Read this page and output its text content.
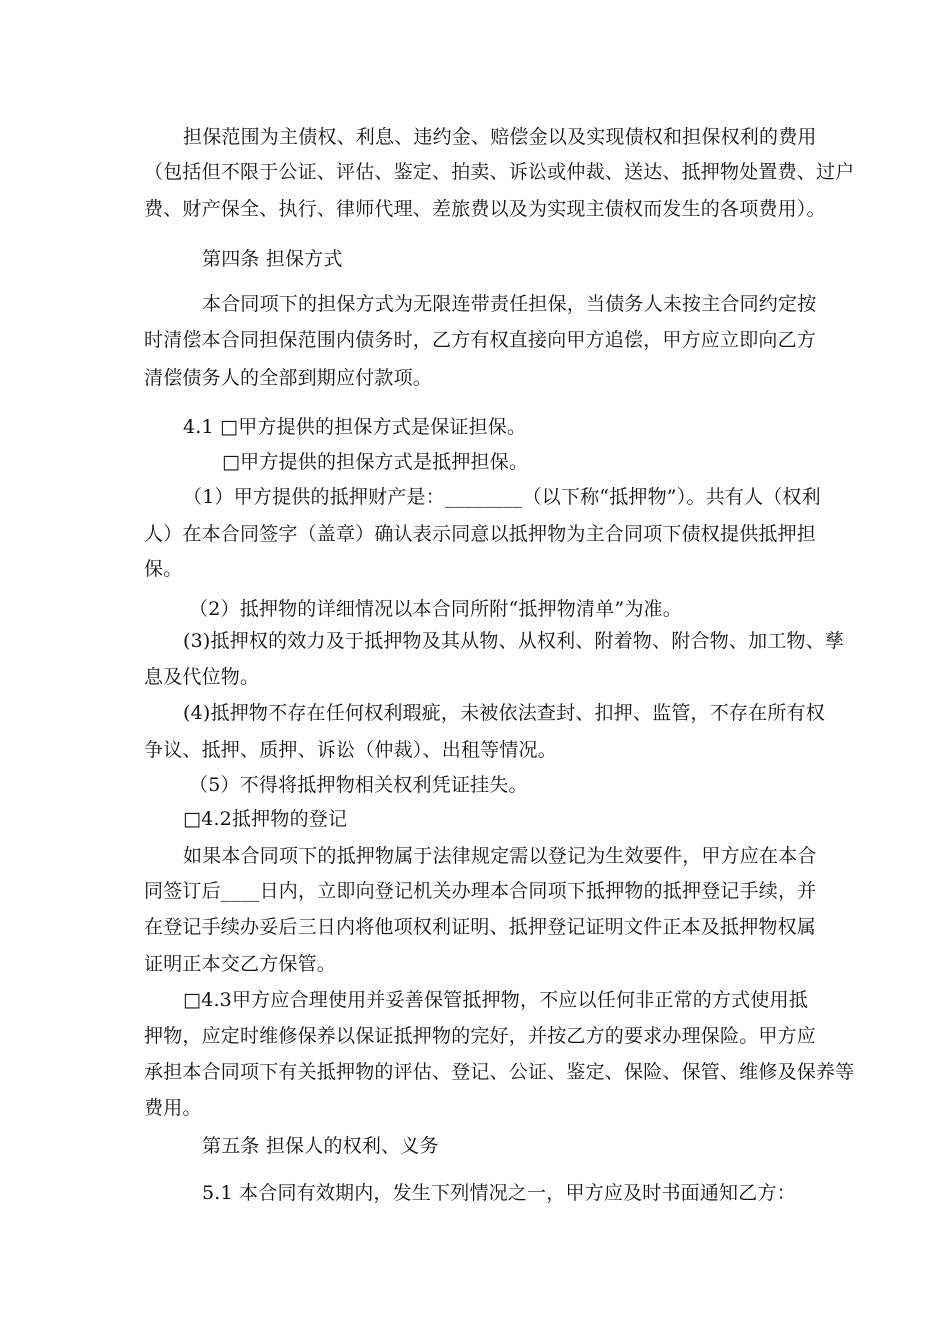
担保范围为主债权、利息、违约金、赔偿金以及实现债权和担保权利的费用
（包括但不限于公证、评估、鉴定、拍卖、诉讼或仲裁、送达、抵押物处置费、过户
费、财产保全、执行、律师代理、差旅费以及为实现主债权而发生的各项费用）。
第四条 担保方式
本合同项下的担保方式为无限连带责任担保，当债务人未按主合同约定按
时清偿本合同担保范围内债务时，乙方有权直接向甲方追偿，甲方应立即向乙方
清偿债务人的全部到期应付款项。
4.1 □甲方提供的担保方式是保证担保。
□甲方提供的担保方式是抵押担保。
（1）甲方提供的抵押财产是：________（以下称“抵押物”）。共有人（权利
人）在本合同签字（盖章）确认表示同意以抵押物为主合同项下债权提供抵押担
保。
（2）抵押物的详细情况以本合同所附“抵押物清单”为准。
(3)抵押权的效力及于抵押物及其从物、从权利、附着物、附合物、加工物、孳
息及代位物。
(4)抵押物不存在任何权利瑕疵，未被依法查封、扣押、监管，不存在所有权
争议、抵押、质押、诉讼（仲裁）、出租等情况。
（5）不得将抵押物相关权利凭证挂失。
□4.2抵押物的登记
如果本合同项下的抵押物属于法律规定需以登记为生效要件，甲方应在本合
同签订后____日内，立即向登记机关办理本合同项下抵押物的抵押登记手续，并
在登记手续办妥后三日内将他项权利证明、抵押登记证明文件正本及抵押物权属
证明正本交乙方保管。
□4.3甲方应合理使用并妥善保管抵押物，不应以任何非正常的方式使用抵
押物，应定时维修保养以保证抵押物的完好，并按乙方的要求办理保险。甲方应
承担本合同项下有关抵押物的评估、登记、公证、鉴定、保险、保管、维修及保养等
费用。
第五条 担保人的权利、义务
5.1 本合同有效期内，发生下列情况之一，甲方应及时书面通知乙方：
